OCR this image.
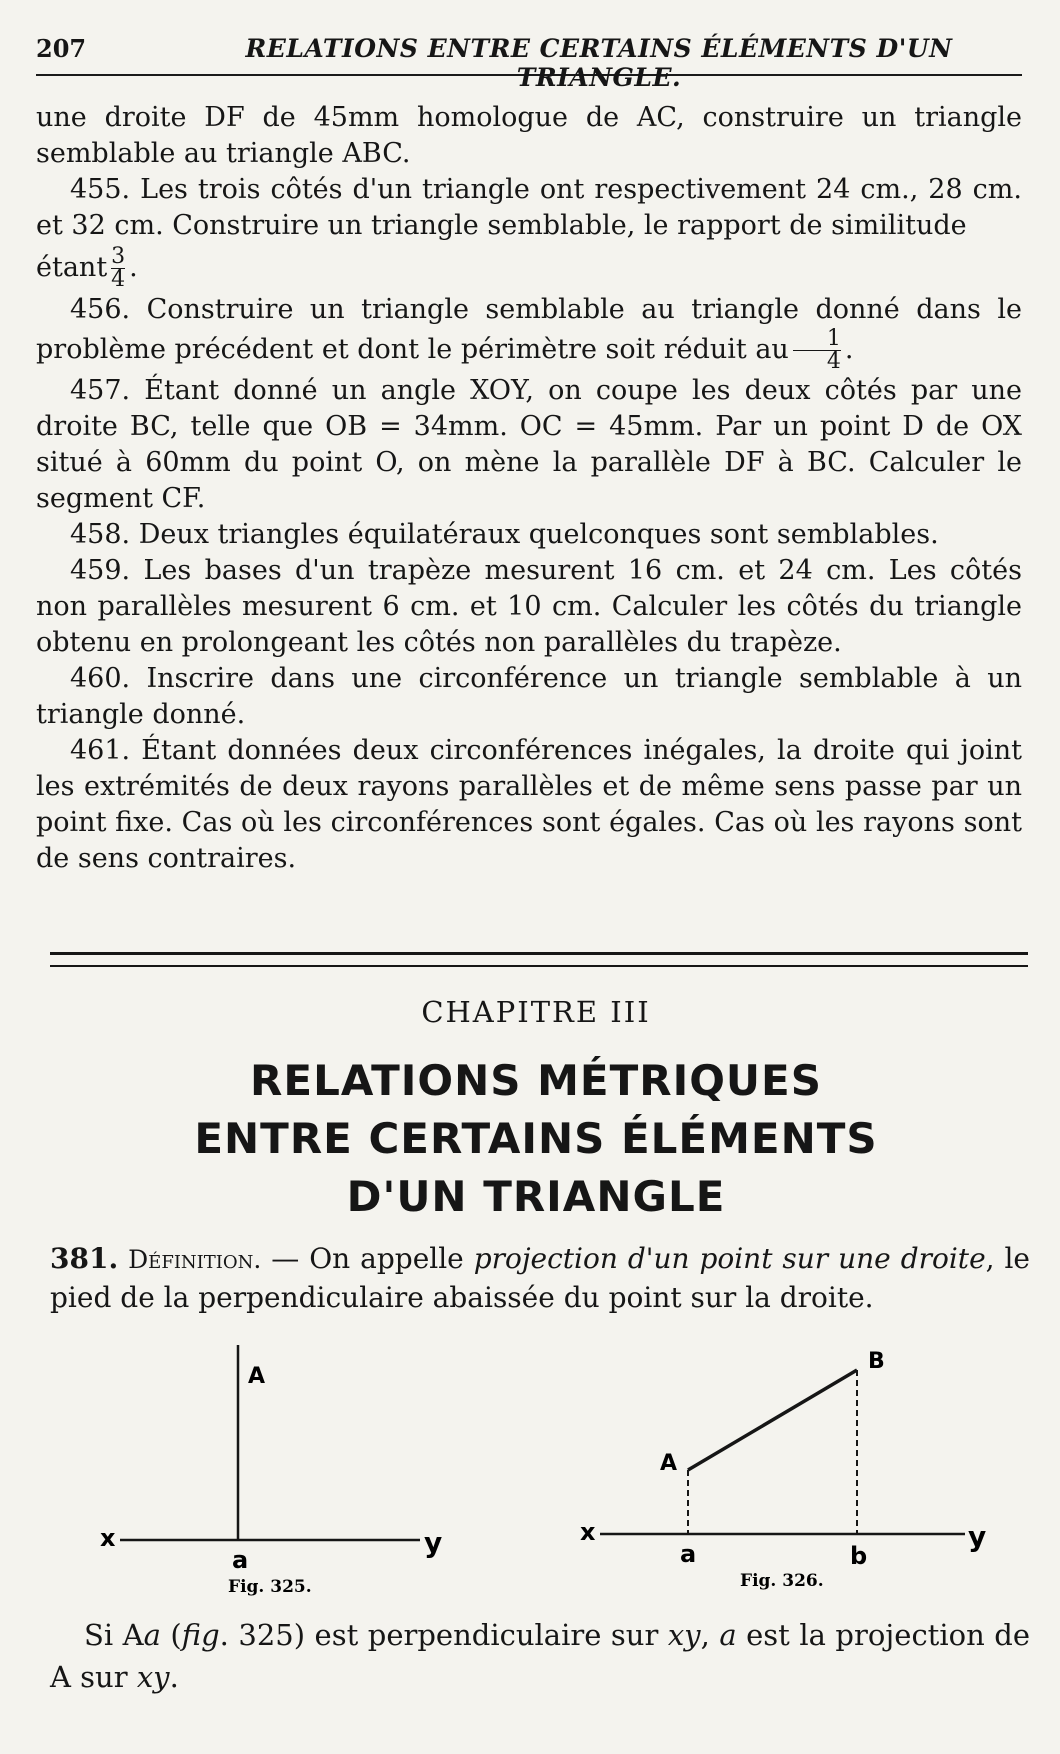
207	RELATIONS ENTRE CERTAINS ÉLÉMENTS D'UN TRIANGLE.

une droite DF de 45mm homologue de AC, construire un triangle semblable au triangle ABC.

455. Les trois côtés d'un triangle ont respectivement 24 cm., 28 cm. et 32 cm. Construire un triangle semblable, le rapport de similitude

étant $\frac{3}{4}$ .

456. Construire un triangle semblable au triangle donné dans le problème précédent et dont le périmètre soit réduit au $\frac{1}{4}$ .

457. Étant donné un angle XOY, on coupe les deux côtés par une droite BC, telle que OB = 34mm. OC = 45mm. Par un point D de OX situé à 60mm du point O, on mène la parallèle DF à BC. Calculer le segment CF.

458. Deux triangles équilatéraux quelconques sont semblables.

459. Les bases d'un trapèze mesurent 16 cm. et 24 cm. Les côtés non parallèles mesurent 6 cm. et 10 cm. Calculer les côtés du triangle obtenu en prolongeant les côtés non parallèles du trapèze.

460. Inscrire dans une circonférence un triangle semblable à un triangle donné.

461. Étant données deux circonférences inégales, la droite qui joint les extrémités de deux rayons parallèles et de même sens passe par un point fixe. Cas où les circonférences sont égales. Cas où les rayons sont de sens contraires.

CHAPITRE III
RELATIONS MÉTRIQUES
ENTRE CERTAINS ÉLÉMENTS
D'UN TRIANGLE
381. Définition. — On appelle projection d'un point sur une droite, le pied de la perpendiculaire abaissée du point sur la droite.
A
x	y
a
Fig. 325.
B
A
x	y
a	b
Fig. 326.

Si Aa (fig. 325) est perpendiculaire sur xy, a est la projection de A sur xy.
